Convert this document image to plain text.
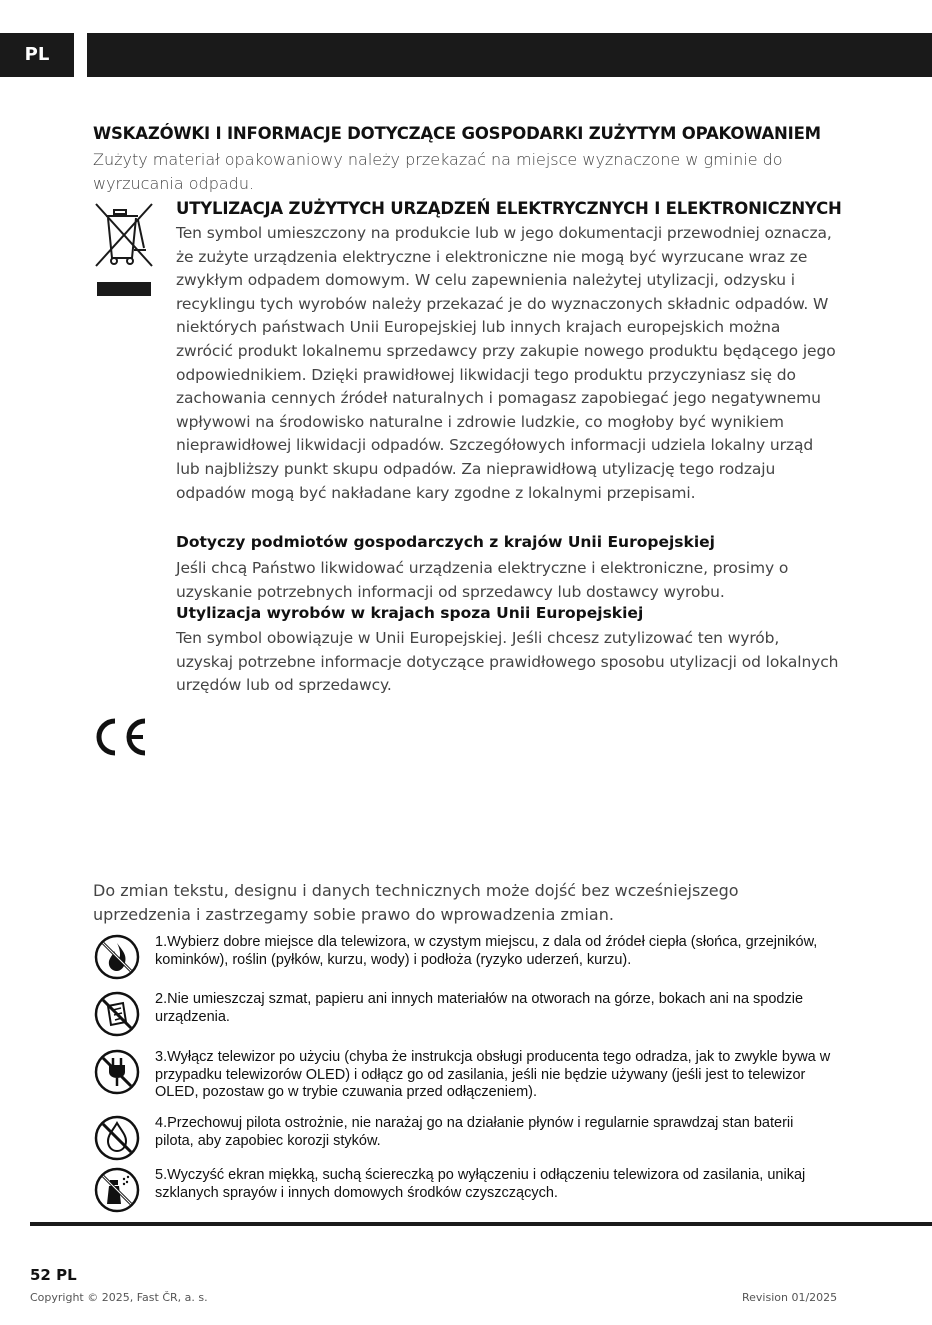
PL
WSKAZÓWKI I INFORMACJE DOTYCZĄCE GOSPODARKI ZUŻYTYM OPAKOWANIEM

Zużyty materiał opakowaniowy należy przekazać na miejsce wyznaczone w gminie do wyrzucania odpadu.

UTYLIZACJA ZUŻYTYCH URZĄDZEŃ ELEKTRYCZNYCH I ELEKTRONICZNYCH

Ten symbol umieszczony na produkcie lub w jego dokumentacji przewodniej oznacza, że zużyte urządzenia elektryczne i elektroniczne nie mogą być wyrzucane wraz ze zwykłym odpadem domowym. W celu zapewnienia należytej utylizacji, odzysku i recyklingu tych wyrobów należy przekazać je do wyznaczonych składnic odpadów. W niektórych państwach Unii Europejskiej lub innych krajach europejskich można zwrócić produkt lokalnemu sprzedawcy przy zakupie nowego produktu będącego jego odpowiednikiem. Dzięki prawidłowej likwidacji tego produktu przyczyniasz się do zachowania cennych źródeł naturalnych i pomagasz zapobiegać jego negatywnemu wpływowi na środowisko naturalne i zdrowie ludzkie, co mogłoby być wynikiem nieprawidłowej likwidacji odpadów. Szczegółowych informacji udziela lokalny urząd lub najbliższy punkt skupu odpadów. Za nieprawidłową utylizację tego rodzaju odpadów mogą być nakładane kary zgodne z lokalnymi przepisami.

Dotyczy podmiotów gospodarczych z krajów Unii Europejskiej

Jeśli chcą Państwo likwidować urządzenia elektryczne i elektroniczne, prosimy o uzyskanie potrzebnych informacji od sprzedawcy lub dostawcy wyrobu.

Utylizacja wyrobów w krajach spoza Unii Europejskiej

Ten symbol obowiązuje w Unii Europejskiej. Jeśli chcesz zutylizować ten wyrób, uzyskaj potrzebne informacje dotyczące prawidłowego sposobu utylizacji od lokalnych urzędów lub od sprzedawcy.

Do zmian tekstu, designu i danych technicznych może dojść bez wcześniejszego uprzedzenia i zastrzegamy sobie prawo do wprowadzenia zmian.

1.Wybierz dobre miejsce dla telewizora, w czystym miejscu, z dala od źródeł ciepła (słońca, grzejników, kominków), roślin (pyłków, kurzu, wody) i podłoża (ryzyko uderzeń, kurzu).

2.Nie umieszczaj szmat, papieru ani innych materiałów na otworach na górze, bokach ani na spodzie urządzenia.

3.Wyłącz telewizor po użyciu (chyba że instrukcja obsługi producenta tego odradza, jak to zwykle bywa w przypadku telewizorów OLED) i odłącz go od zasilania, jeśli nie będzie używany (jeśli jest to telewizor OLED, pozostaw go w trybie czuwania przed odłączeniem).

4.Przechowuj pilota ostrożnie, nie narażaj go na działanie płynów i regularnie sprawdzaj stan baterii pilota, aby zapobiec korozji styków.

5.Wyczyść ekran miękką, suchą ściereczką po wyłączeniu i odłączeniu telewizora od zasilania, unikaj szklanych sprayów i innych domowych środków czyszczących.

52 PL
Copyright © 2025, Fast ČR, a. s.	Revision 01/2025
